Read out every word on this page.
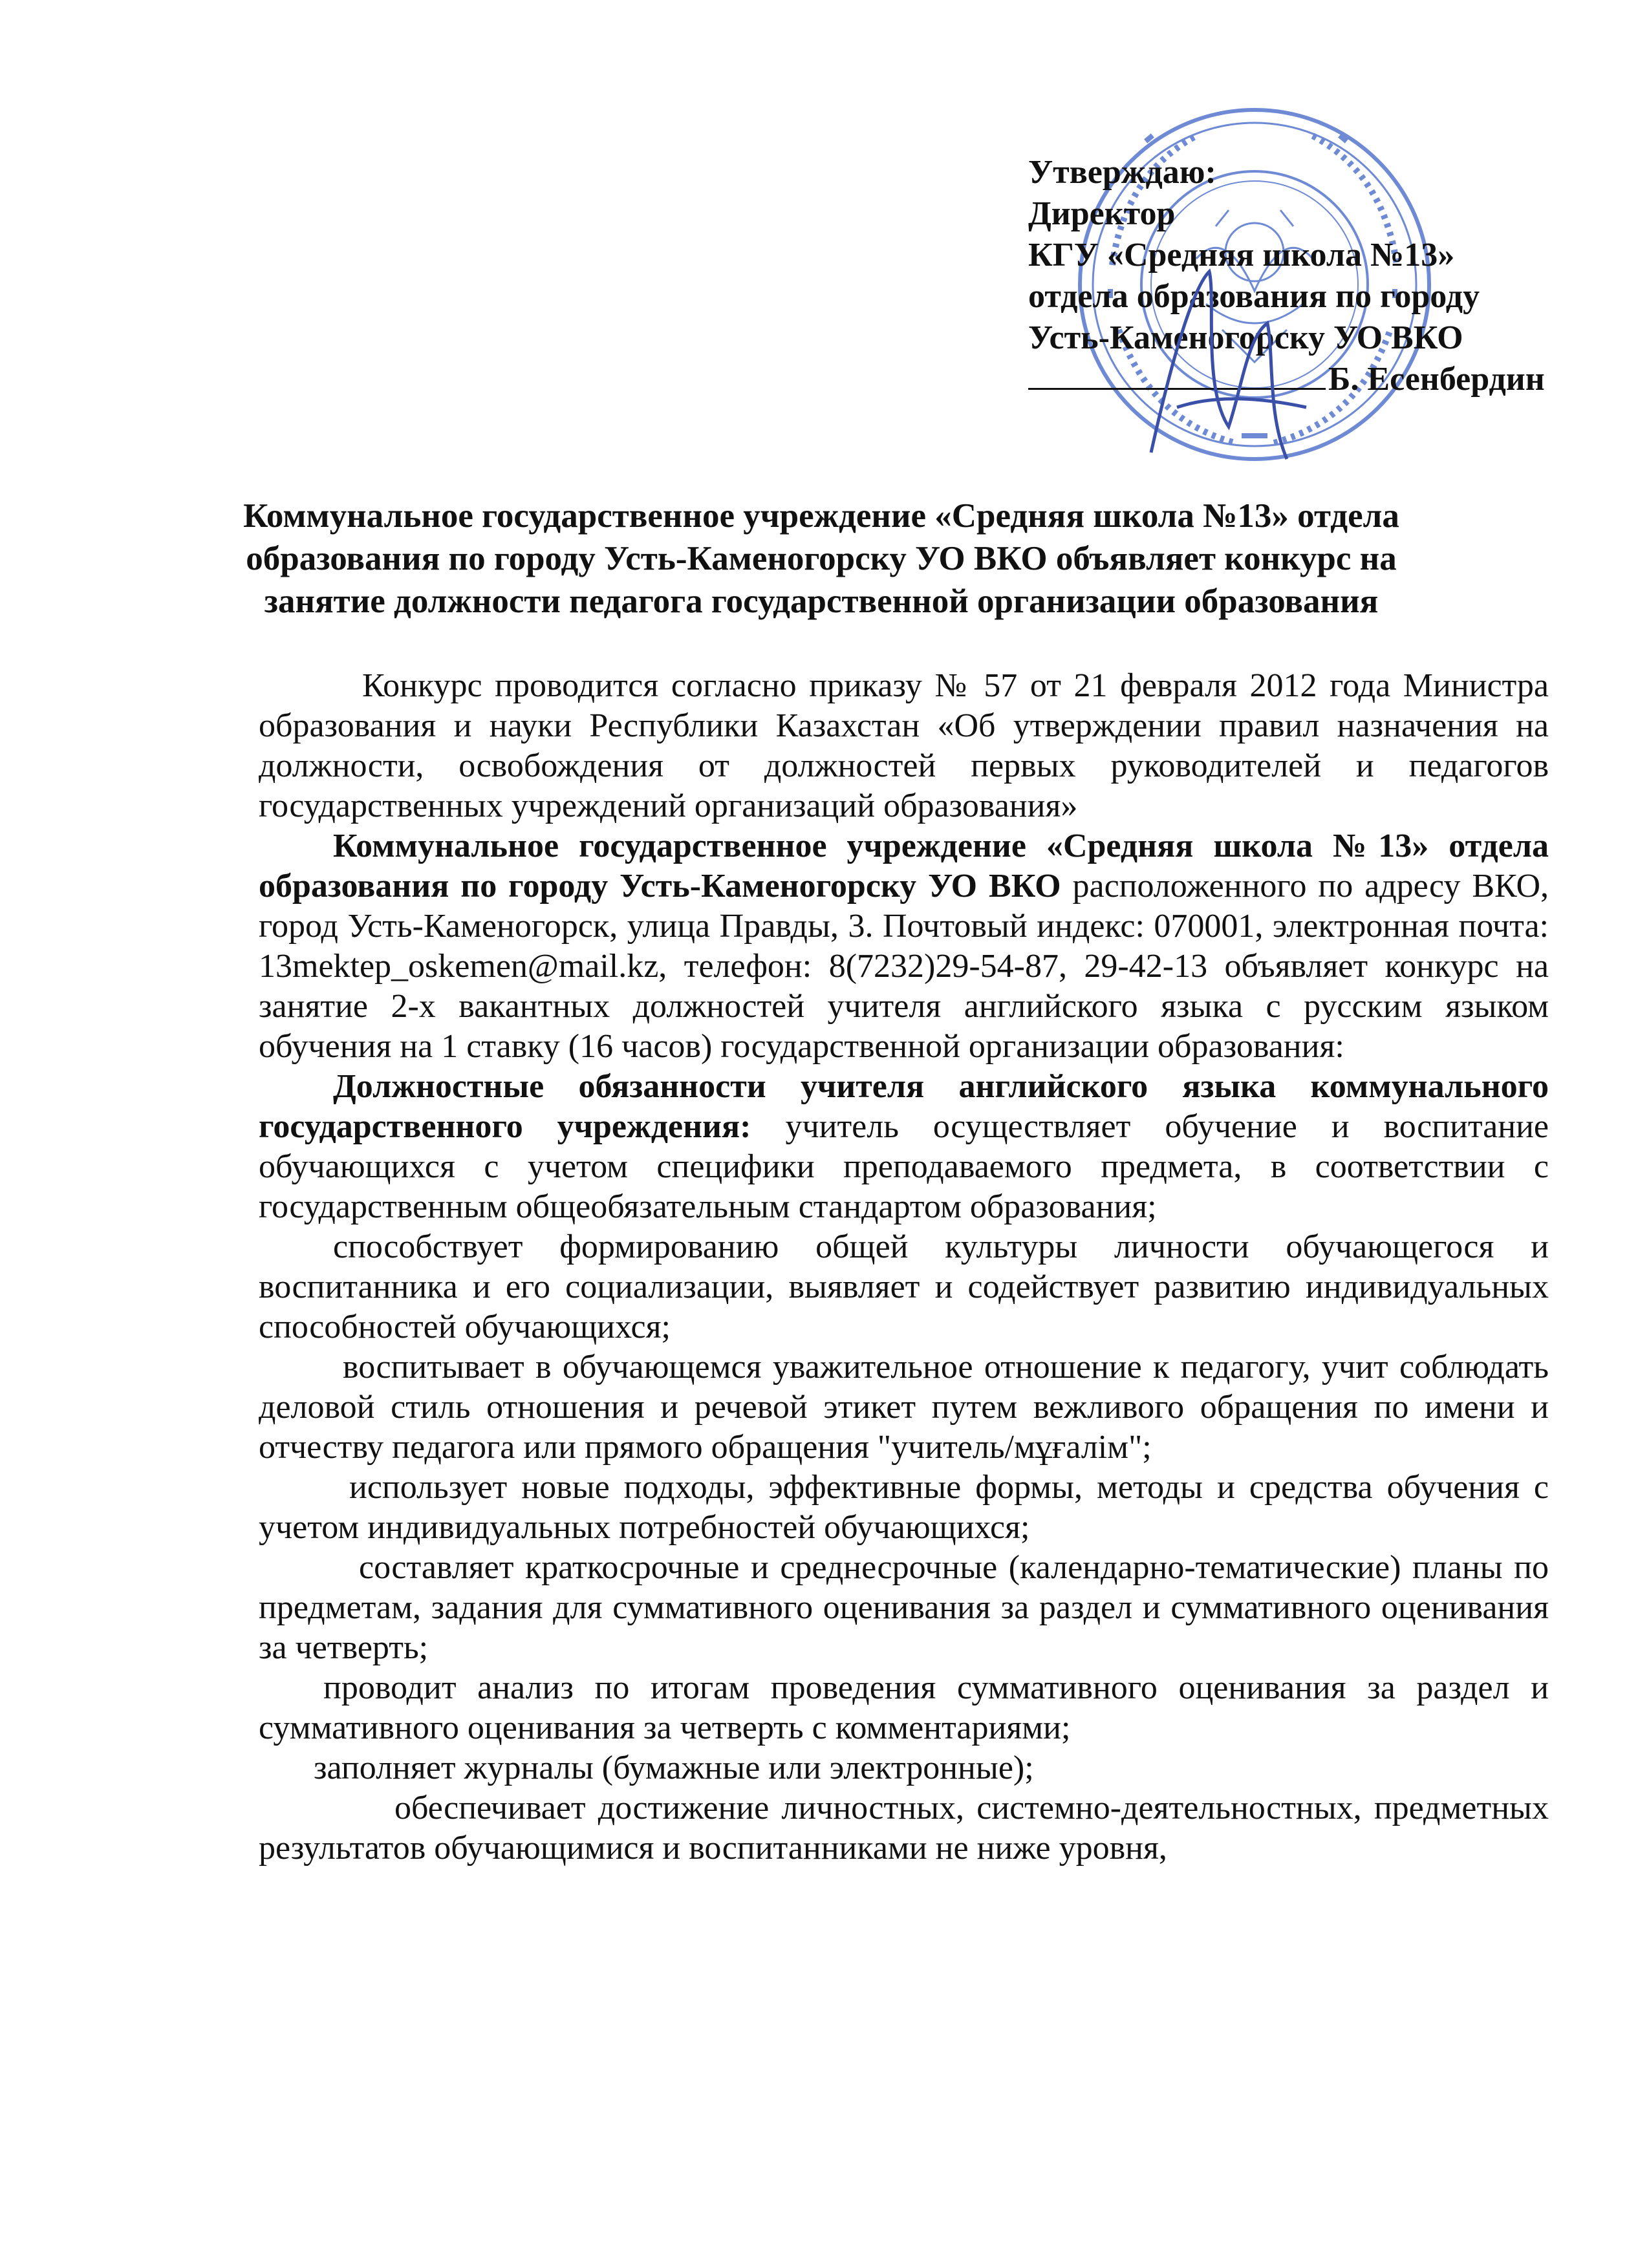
Утверждаю:
Директор
КГУ «Средняя школа №13»
отдела образования по городу
Усть-Каменогорску УО ВКО
Б. Есенбердин
Коммунальное государственное учреждение «Средняя школа №13» отдела образования по городу Усть-Каменогорску УО ВКО объявляет конкурс на занятие должности педагога государственной организации образования

Конкурс проводится согласно приказу № 57 от 21 февраля 2012 года Министра образования и науки Республики Казахстан «Об утверждении правил назначения на должности, освобождения от должностей первых руководителей и педагогов государственных учреждений организаций образования»

Коммунальное государственное учреждение «Средняя школа №13» отдела образования по городу Усть-Каменогорску УО ВКО расположенного по адресу ВКО, город Усть-Каменогорск, улица Правды, 3. Почтовый индекс: 070001, электронная почта: 13mektep_oskemen@mail.kz, телефон: 8(7232)29-54-87, 29-42-13 объявляет конкурс на занятие 2-х вакантных должностей учителя английского языка с русским языком обучения на 1 ставку (16 часов) государственной организации образования:

Должностные обязанности учителя английского языка коммунального государственного учреждения: учитель осуществляет обучение и воспитание обучающихся с учетом специфики преподаваемого предмета, в соответствии с государственным общеобязательным стандартом образования;

способствует формированию общей культуры личности обучающегося и воспитанника и его социализации, выявляет и содействует развитию индивидуальных способностей обучающихся;

воспитывает в обучающемся уважительное отношение к педагогу, учит соблюдать деловой стиль отношения и речевой этикет путем вежливого обращения по имени и отчеству педагога или прямого обращения "учитель/мұғалім";

использует новые подходы, эффективные формы, методы и средства обучения с учетом индивидуальных потребностей обучающихся;

составляет краткосрочные и среднесрочные (календарно-тематические) планы по предметам, задания для суммативного оценивания за раздел и суммативного оценивания за четверть;

проводит анализ по итогам проведения суммативного оценивания за раздел и суммативного оценивания за четверть с комментариями;

заполняет журналы (бумажные или электронные);

обеспечивает достижение личностных, системно-деятельностных, предметных результатов обучающимися и воспитанниками не ниже уровня,
